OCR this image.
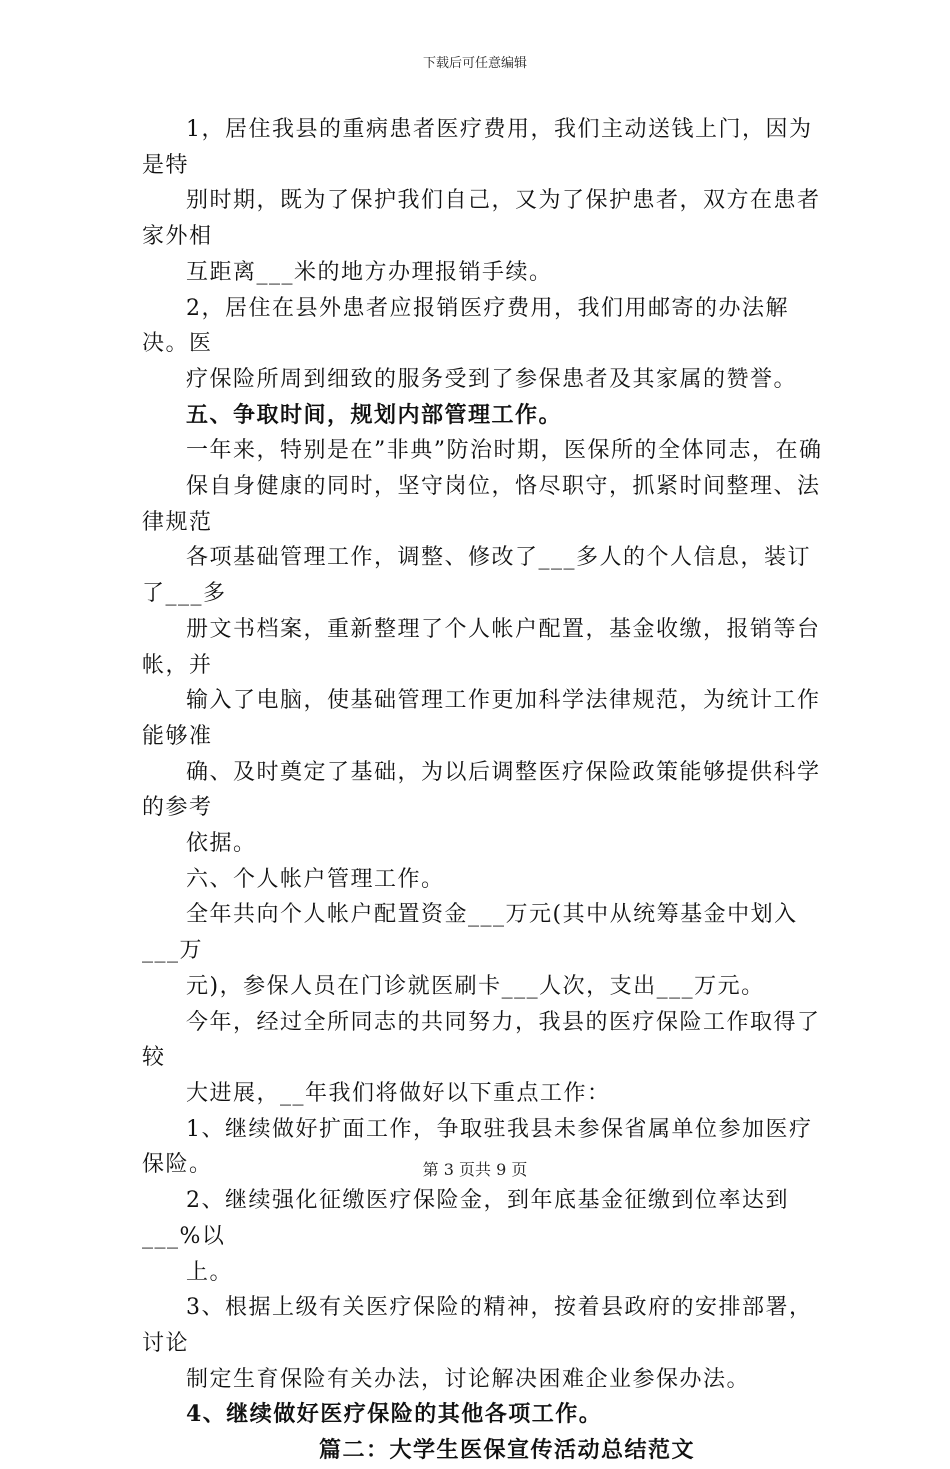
下载后可任意编辑

1，居住我县的重病患者医疗费用，我们主动送钱上门，因为是特
别时期，既为了保护我们自己，又为了保护患者，双方在患者家外相
互距离___米的地方办理报销手续。

2，居住在县外患者应报销医疗费用，我们用邮寄的办法解决。医
疗保险所周到细致的服务受到了参保患者及其家属的赞誉。

五、争取时间，规划内部管理工作。

一年来，特别是在”非典”防治时期，医保所的全体同志，在确
保自身健康的同时，坚守岗位，恪尽职守，抓紧时间整理、法律规范
各项基础管理工作，调整、修改了___多人的个人信息，装订了___多
册文书档案，重新整理了个人帐户配置，基金收缴，报销等台帐，并
输入了电脑，使基础管理工作更加科学法律规范，为统计工作能够准
确、及时奠定了基础，为以后调整医疗保险政策能够提供科学的参考
依据。

六、个人帐户管理工作。

全年共向个人帐户配置资金___万元(其中从统筹基金中划入___万
元)，参保人员在门诊就医刷卡___人次，支出___万元。

今年，经过全所同志的共同努力，我县的医疗保险工作取得了较
大进展，__年我们将做好以下重点工作：

1、继续做好扩面工作，争取驻我县未参保省属单位参加医疗保险。

2、继续强化征缴医疗保险金，到年底基金征缴到位率达到___%以
上。

3、根据上级有关医疗保险的精神，按着县政府的安排部署，讨论
制定生育保险有关办法，讨论解决困难企业参保办法。

4、继续做好医疗保险的其他各项工作。

篇二：大学生医保宣传活动总结范文

第 3 页共 9 页
